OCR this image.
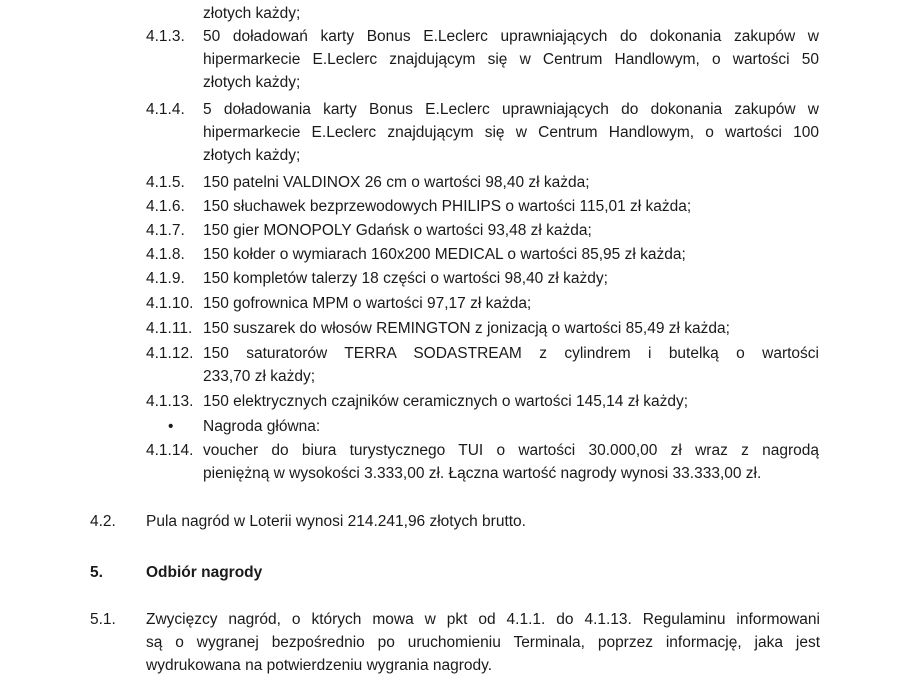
złotych każdy;
4.1.3. 50 doładowań karty Bonus E.Leclerc uprawniających do dokonania zakupów w
hipermarkecie E.Leclerc znajdującym się w Centrum Handlowym, o wartości 50
złotych każdy;
4.1.4. 5 doładowania karty Bonus E.Leclerc uprawniających do dokonania zakupów w
hipermarkecie E.Leclerc znajdującym się w Centrum Handlowym, o wartości 100
złotych każdy;
4.1.5. 150 patelni VALDINOX 26 cm o wartości 98,40 zł każda;
4.1.6. 150 słuchawek bezprzewodowych PHILIPS o wartości 115,01 zł każda;
4.1.7. 150 gier MONOPOLY Gdańsk o wartości 93,48 zł każda;
4.1.8. 150 kołder o wymiarach 160x200 MEDICAL o wartości 85,95 zł każda;
4.1.9. 150 kompletów talerzy 18 części o wartości 98,40 zł każdy;
4.1.10. 150 gofrownica MPM o wartości 97,17 zł każda;
4.1.11. 150 suszarek do włosów REMINGTON z jonizacją o wartości 85,49 zł każda;
4.1.12. 150 saturatorów TERRA SODASTREAM z cylindrem i butelką o wartości
233,70 zł każdy;
4.1.13. 150 elektrycznych czajników ceramicznych o wartości 145,14 zł każdy;
• Nagroda główna:
4.1.14. voucher do biura turystycznego TUI o wartości 30.000,00 zł wraz z nagrodą
pieniężną w wysokości 3.333,00 zł. Łączna wartość nagrody wynosi 33.333,00 zł.
4.2. Pula nagród w Loterii wynosi 214.241,96 złotych brutto.
5.	Odbiór nagrody
5.1. Zwycięzcy nagród, o których mowa w pkt od 4.1.1. do 4.1.13. Regulaminu informowani
są o wygranej bezpośrednio po uruchomieniu Terminala, poprzez informację, jaka jest
wydrukowana na potwierdzeniu wygrania nagrody.
